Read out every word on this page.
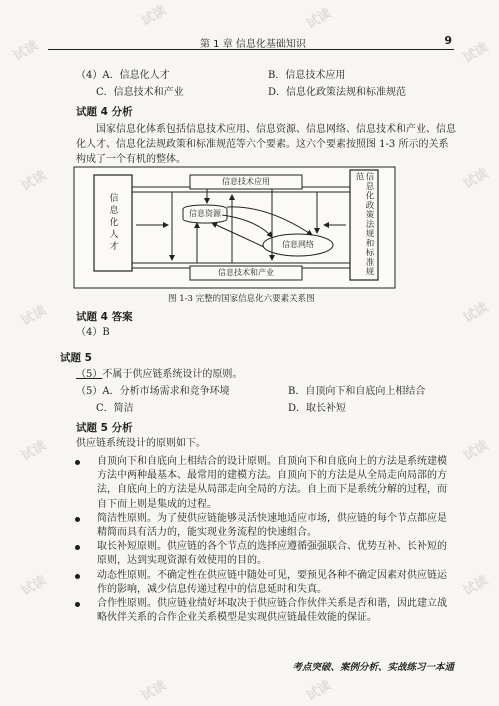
试读
试读	试读
试读
试读	试读
试读	试读
试读	试读
试读	试读
试读	试读
第 1 章 信息化基础知识	9
（4）A．信息化人才	B．信息技术应用
C．信息技术和产业	D．信息化政策法规和标准规范
试题 4 分析
国家信息化体系包括信息技术应用、信息资源、信息网络、信息技术和产业、信息化人才、信息化法规政策和标准规范等六个要素。这六个要素按照图 1-3 所示的关系构成了一个有机的整体。
信息化人才	信息化政策法规和标准规范
信息技术应用
信息资源
信息网络
信息技术和产业
图 1-3 完整的国家信息化六要素关系图
试题 4 答案
（4）B
试题 5
（5）不属于供应链系统设计的原则。
（5）A．分析市场需求和竞争环境	B．自顶向下和自底向上相结合
C．简洁	D．取长补短
试题 5 分析
供应链系统设计的原则如下。
自顶向下和自底向上相结合的设计原则。自顶向下和自底向上的方法是系统建模方法中两种最基本、最常用的建模方法。自顶向下的方法是从全局走向局部的方法，自底向上的方法是从局部走向全局的方法。自上而下是系统分解的过程，而自下而上则是集成的过程。
简洁性原则。为了使供应链能够灵活快速地适应市场，供应链的每个节点都应是精简而具有活力的，能实现业务流程的快速组合。
取长补短原则。供应链的各个节点的选择应遵循强强联合、优势互补、长补短的原则，达到实现资源有效使用的目的。
动态性原则。不确定性在供应链中随处可见，要预见各种不确定因素对供应链运作的影响，减少信息传递过程中的信息延时和失真。
合作性原则。供应链业绩好坏取决于供应链合作伙伴关系是否和谐，因此建立战略伙伴关系的合作企业关系模型是实现供应链最佳效能的保证。
考点突破、案例分析、实战练习一本通
